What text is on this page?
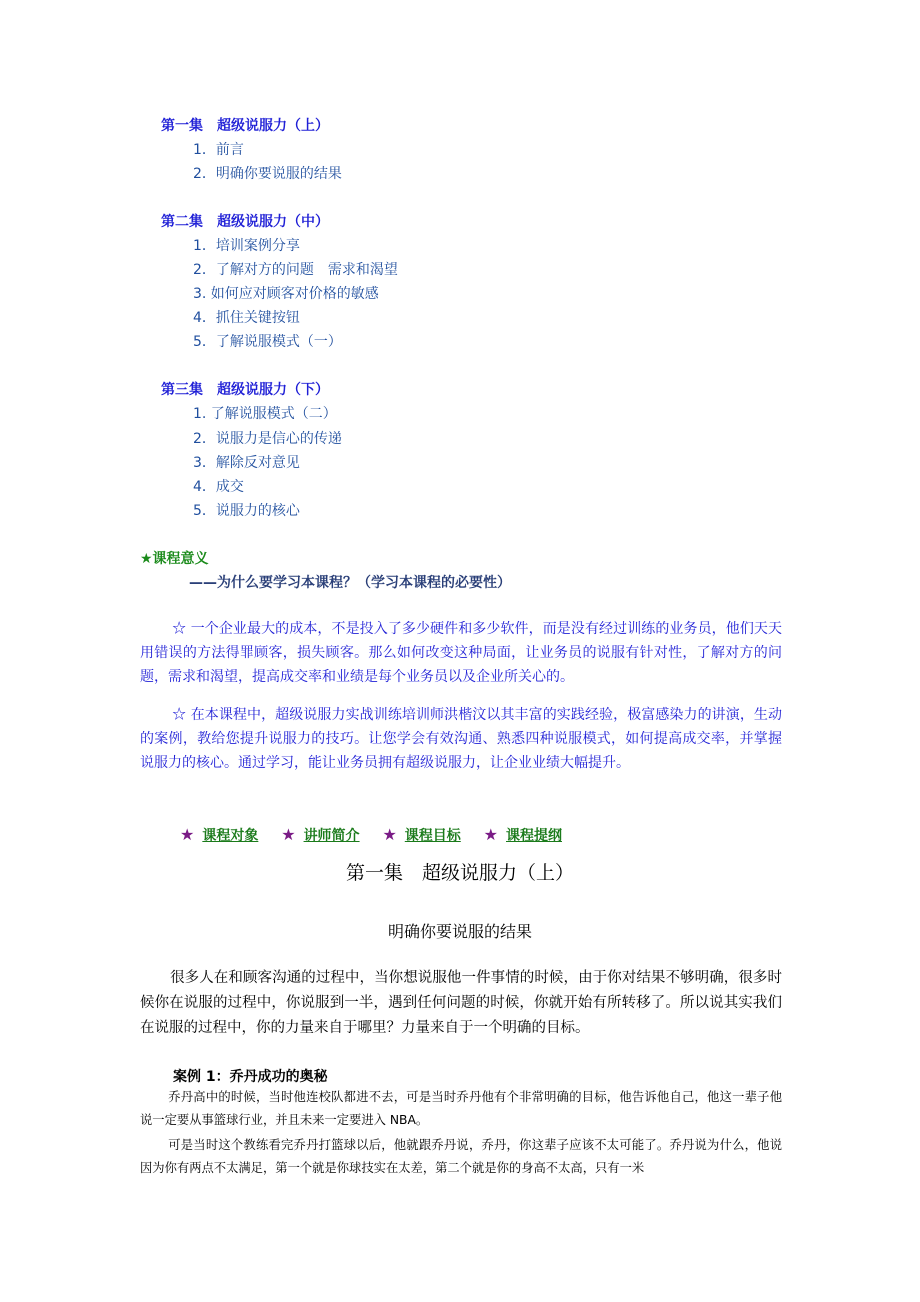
第一集　超级说服力（上）
1．前言
2．明确你要说服的结果
第二集　超级说服力（中）
1．培训案例分享
2．了解对方的问题　需求和渴望
3. 如何应对顾客对价格的敏感
4．抓住关键按钮
5．了解说服模式（一）
第三集　超级说服力（下）
1. 了解说服模式（二）
2．说服力是信心的传递
3．解除反对意见
4．成交
5．说服力的核心
★课程意义
——为什么要学习本课程？（学习本课程的必要性）
☆ 一个企业最大的成本，不是投入了多少硬件和多少软件，而是没有经过训练的业务员，他们天天用错误的方法得罪顾客，损失顾客。那么如何改变这种局面，让业务员的说服有针对性，了解对方的问题，需求和渴望，提高成交率和业绩是每个业务员以及企业所关心的。
☆ 在本课程中，超级说服力实战训练培训师洪楷汶以其丰富的实践经验，极富感染力的讲演，生动的案例，教给您提升说服力的技巧。让您学会有效沟通、熟悉四种说服模式，如何提高成交率，并掌握说服力的核心。通过学习，能让业务员拥有超级说服力，让企业业绩大幅提升。
★ 课程对象 ★ 讲师简介 ★ 课程目标 ★ 课程提纲
第一集　超级说服力（上）
明确你要说服的结果
很多人在和顾客沟通的过程中，当你想说服他一件事情的时候，由于你对结果不够明确，很多时候你在说服的过程中，你说服到一半，遇到任何问题的时候，你就开始有所转移了。所以说其实我们在说服的过程中，你的力量来自于哪里？力量来自于一个明确的目标。
案例 1：乔丹成功的奥秘
乔丹高中的时候，当时他连校队都进不去，可是当时乔丹他有个非常明确的目标，他告诉他自己，他这一辈子他说一定要从事篮球行业，并且未来一定要进入 NBA。
可是当时这个教练看完乔丹打篮球以后，他就跟乔丹说，乔丹，你这辈子应该不太可能了。乔丹说为什么，他说因为你有两点不太满足，第一个就是你球技实在太差，第二个就是你的身高不太高，只有一米
